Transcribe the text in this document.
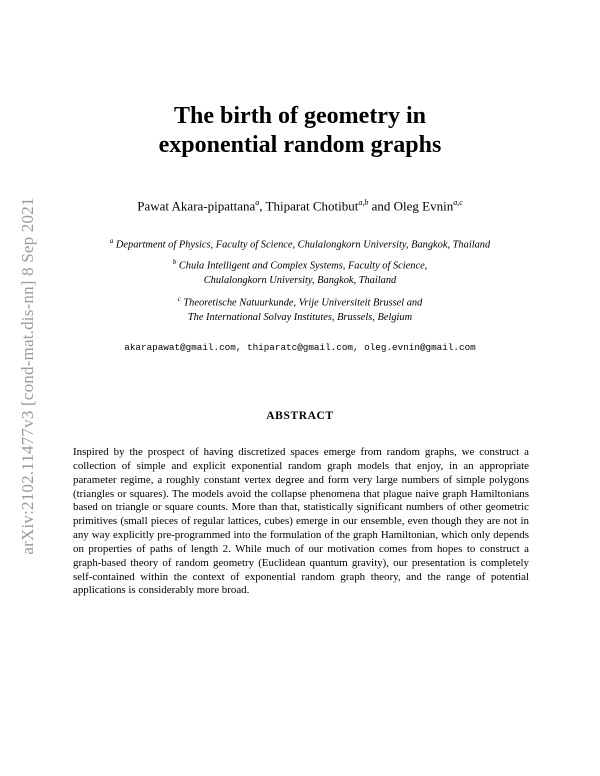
arXiv:2102.11477v3 [cond-mat.dis-nn] 8 Sep 2021
The birth of geometry in
exponential random graphs
Pawat Akara-pipattana$^a$, Thiparat Chotibut$^{a,b}$ and Oleg Evnin$^{a,c}$
$^a$ Department of Physics, Faculty of Science, Chulalongkorn University, Bangkok, Thailand
$^b$ Chula Intelligent and Complex Systems, Faculty of Science,
Chulalongkorn University, Bangkok, Thailand
$^c$ Theoretische Natuurkunde, Vrije Universiteit Brussel and
The International Solvay Institutes, Brussels, Belgium
akarapawat@gmail.com, thiparatc@gmail.com, oleg.evnin@gmail.com
ABSTRACT
Inspired by the prospect of having discretized spaces emerge from random graphs, we construct a collection of simple and explicit exponential random graph models that enjoy, in an appropriate parameter regime, a roughly constant vertex degree and form very large numbers of simple polygons (triangles or squares). The models avoid the collapse phenomena that plague naive graph Hamiltonians based on triangle or square counts. More than that, statistically significant numbers of other geometric primitives (small pieces of regular lattices, cubes) emerge in our ensemble, even though they are not in any way explicitly pre-programmed into the formulation of the graph Hamiltonian, which only depends on properties of paths of length 2. While much of our motivation comes from hopes to construct a graph-based theory of random geometry (Euclidean quantum gravity), our presentation is completely self-contained within the context of exponential random graph theory, and the range of potential applications is considerably more broad.
